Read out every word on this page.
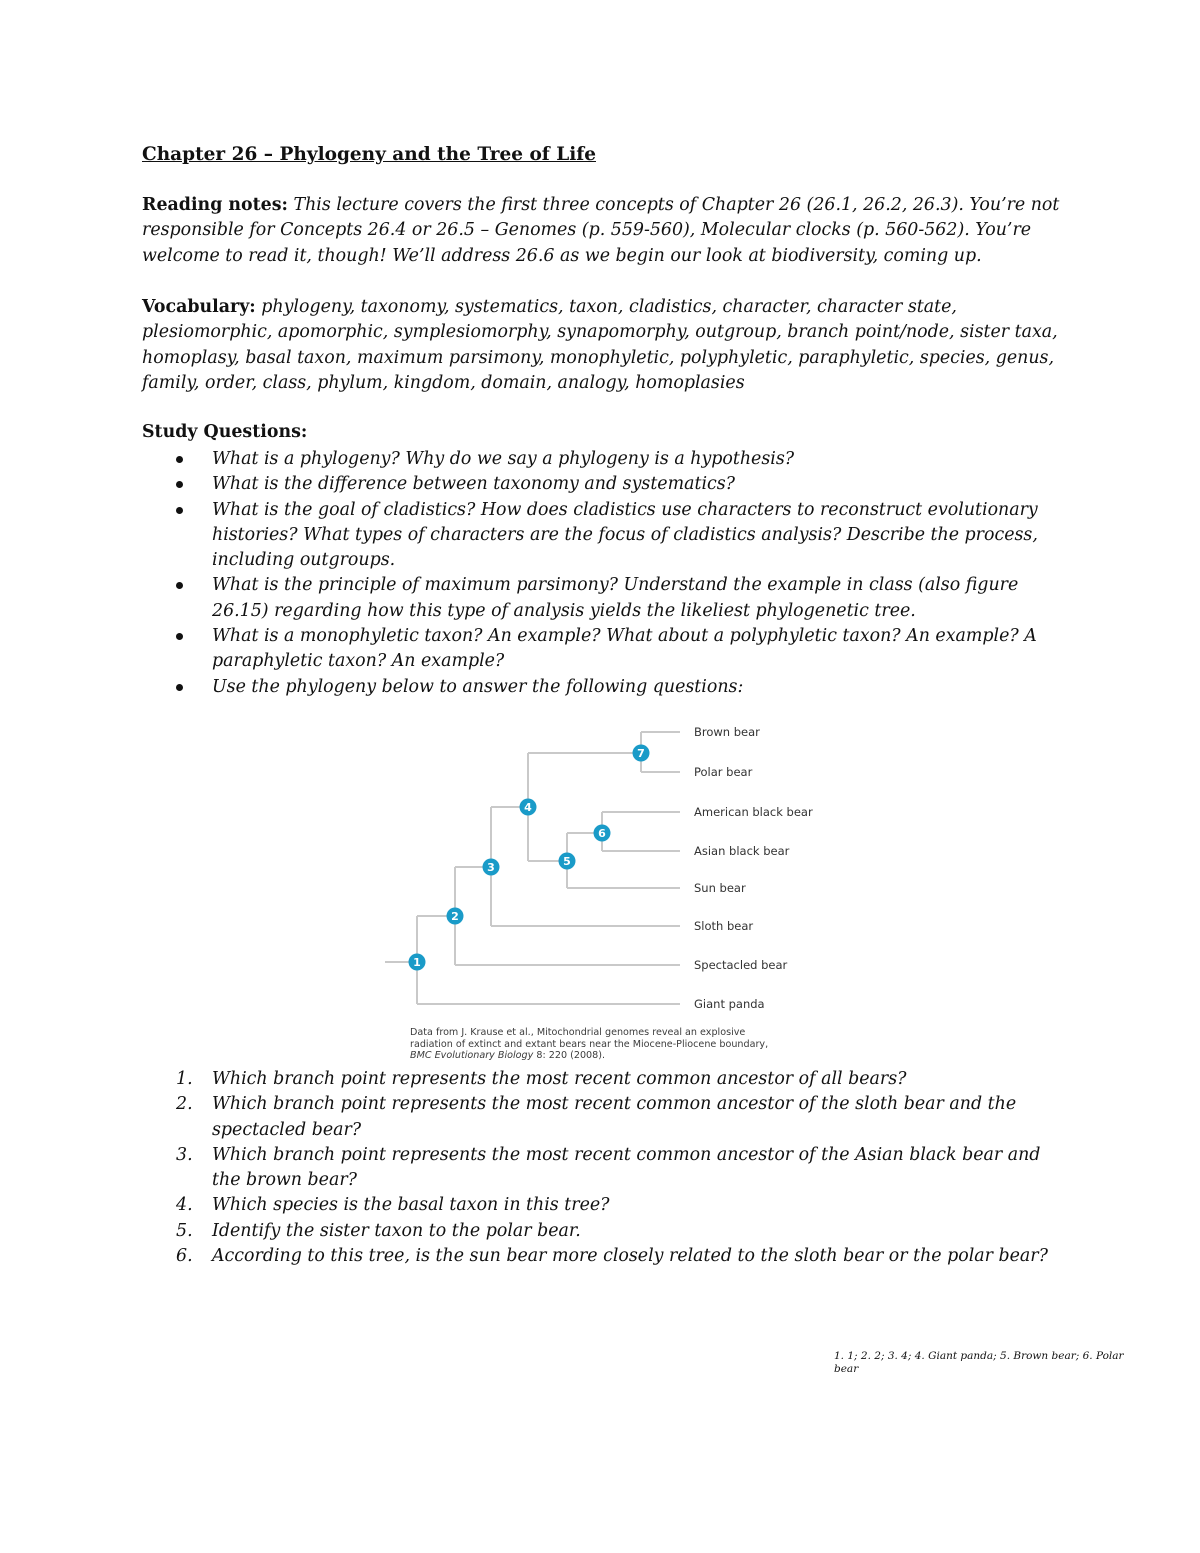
Chapter 26 – Phylogeny and the Tree of Life
Reading notes: This lecture covers the first three concepts of Chapter 26 (26.1, 26.2, 26.3). You’re not responsible for Concepts 26.4 or 26.5 – Genomes (p. 559-560), Molecular clocks (p. 560-562). You’re welcome to read it, though! We’ll address 26.6 as we begin our look at biodiversity, coming up.
Vocabulary: phylogeny, taxonomy, systematics, taxon, cladistics, character, character state, plesiomorphic, apomorphic, symplesiomorphy, synapomorphy, outgroup, branch point/node, sister taxa, homoplasy, basal taxon, maximum parsimony, monophyletic, polyphyletic, paraphyletic, species, genus, family, order, class, phylum, kingdom, domain, analogy, homoplasies
Study Questions:
What is a phylogeny? Why do we say a phylogeny is a hypothesis?
What is the difference between taxonomy and systematics?
What is the goal of cladistics? How does cladistics use characters to reconstruct evolutionary histories? What types of characters are the focus of cladistics analysis? Describe the process, including outgroups.
What is the principle of maximum parsimony? Understand the example in class (also figure 26.15) regarding how this type of analysis yields the likeliest phylogenetic tree.
What is a monophyletic taxon? An example? What about a polyphyletic taxon? An example? A paraphyletic taxon? An example?
Use the phylogeny below to answer the following questions:
1
2
3
4
5
6
7
Brown bear
Polar bear
American black bear
Asian black bear
Sun bear
Sloth bear
Spectacled bear
Giant panda
Data from J. Krause et al., Mitochondrial genomes reveal an explosive
radiation of extinct and extant bears near the Miocene-Pliocene boundary,
BMC Evolutionary Biology 8: 220 (2008).
1. Which branch point represents the most recent common ancestor of all bears?
2. Which branch point represents the most recent common ancestor of the sloth bear and the spectacled bear?
3. Which branch point represents the most recent common ancestor of the Asian black bear and the brown bear?
4. Which species is the basal taxon in this tree?
5. Identify the sister taxon to the polar bear.
6. According to this tree, is the sun bear more closely related to the sloth bear or the polar bear?
1. 1; 2. 2; 3. 4; 4. Giant panda; 5. Brown bear; 6. Polar bear
